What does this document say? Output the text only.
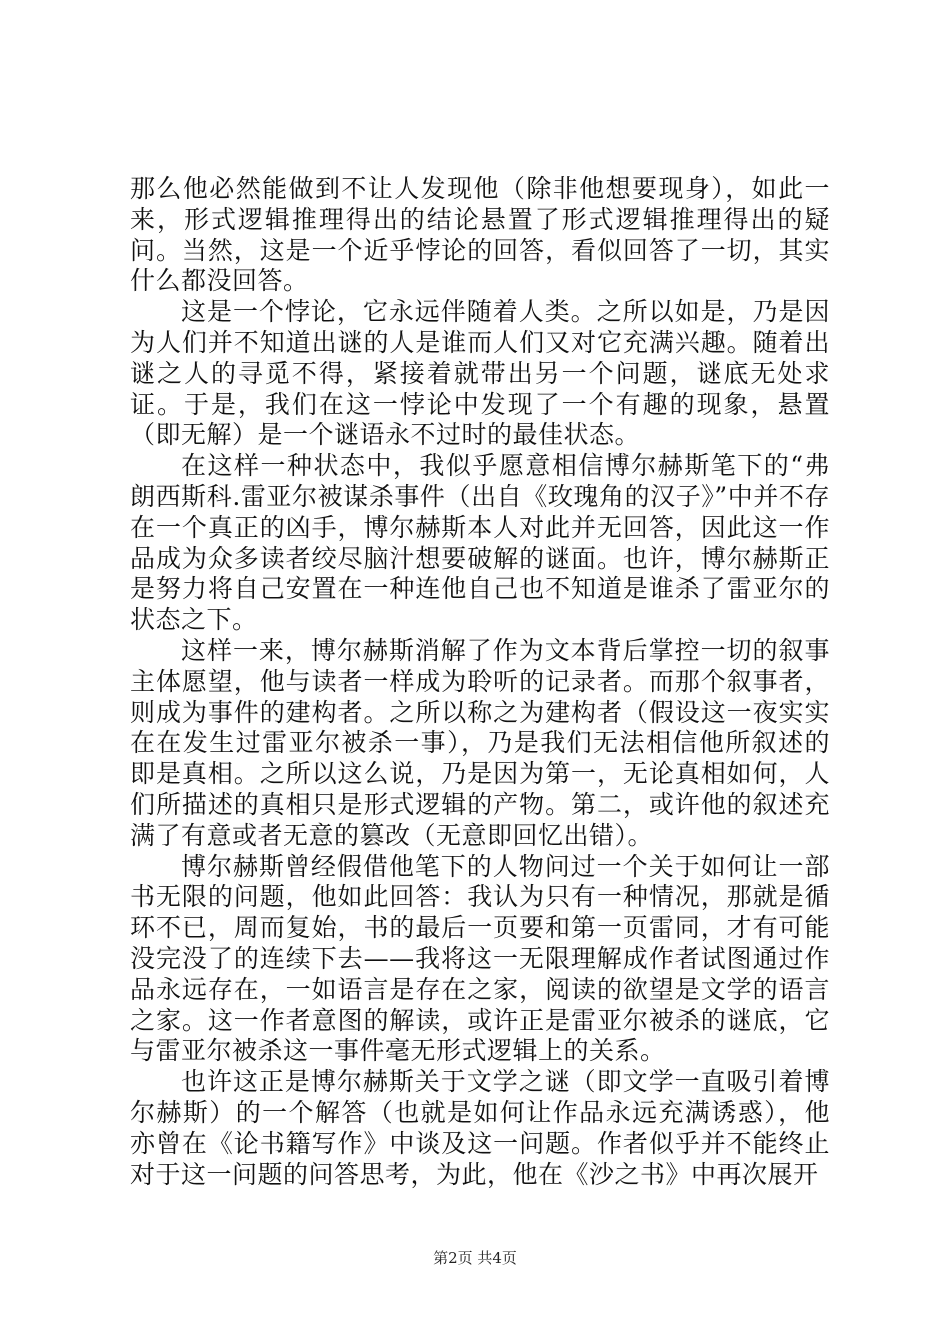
那么他必然能做到不让人发现他（除非他想要现身），如此一来，形式逻辑推理得出的结论悬置了形式逻辑推理得出的疑问。当然，这是一个近乎悖论的回答，看似回答了一切，其实什么都没回答。

这是一个悖论，它永远伴随着人类。之所以如是，乃是因为人们并不知道出谜的人是谁而人们又对它充满兴趣。随着出谜之人的寻觅不得，紧接着就带出另一个问题，谜底无处求证。于是，我们在这一悖论中发现了一个有趣的现象，悬置（即无解）是一个谜语永不过时的最佳状态。

在这样一种状态中，我似乎愿意相信博尔赫斯笔下的“弗朗西斯科.雷亚尔被谋杀事件（出自《玫瑰角的汉子》”中并不存在一个真正的凶手，博尔赫斯本人对此并无回答，因此这一作品成为众多读者绞尽脑汁想要破解的谜面。也许，博尔赫斯正是努力将自己安置在一种连他自己也不知道是谁杀了雷亚尔的状态之下。

这样一来，博尔赫斯消解了作为文本背后掌控一切的叙事主体愿望，他与读者一样成为聆听的记录者。而那个叙事者，则成为事件的建构者。之所以称之为建构者（假设这一夜实实在在发生过雷亚尔被杀一事），乃是我们无法相信他所叙述的即是真相。之所以这么说，乃是因为第一，无论真相如何，人们所描述的真相只是形式逻辑的产物。第二，或许他的叙述充满了有意或者无意的篡改（无意即回忆出错）。

博尔赫斯曾经假借他笔下的人物问过一个关于如何让一部书无限的问题，他如此回答：我认为只有一种情况，那就是循环不已，周而复始，书的最后一页要和第一页雷同，才有可能没完没了的连续下去——我将这一无限理解成作者试图通过作品永远存在，一如语言是存在之家，阅读的欲望是文学的语言之家。这一作者意图的解读，或许正是雷亚尔被杀的谜底，它与雷亚尔被杀这一事件毫无形式逻辑上的关系。

也许这正是博尔赫斯关于文学之谜（即文学一直吸引着博尔赫斯）的一个解答（也就是如何让作品永远充满诱惑），他亦曾在《论书籍写作》中谈及这一问题。作者似乎并不能终止对于这一问题的问答思考，为此，他在《沙之书》中再次展开

第2页 共4页
